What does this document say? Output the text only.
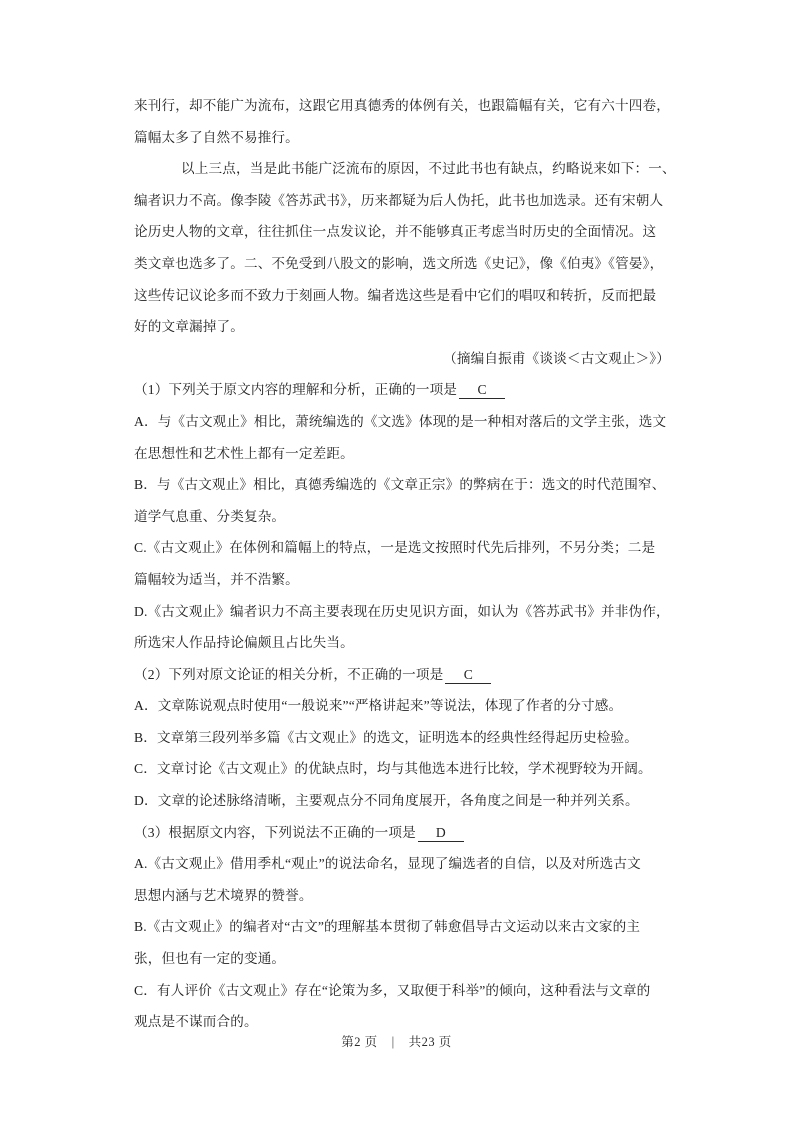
来刊行，却不能广为流布，这跟它用真德秀的体例有关，也跟篇幅有关，它有六十四卷，
篇幅太多了自然不易推行。
以上三点，当是此书能广泛流布的原因，不过此书也有缺点，约略说来如下：一、
编者识力不高。像李陵《答苏武书》，历来都疑为后人伪托，此书也加选录。还有宋朝人
论历史人物的文章，往往抓住一点发议论，并不能够真正考虑当时历史的全面情况。这
类文章也选多了。二、不免受到八股文的影响，选文所选《史记》，像《伯夷》《管晏》，
这些传记议论多而不致力于刻画人物。编者选这些是看中它们的唱叹和转折，反而把最
好的文章漏掉了。
（摘编自振甫《谈谈＜古文观止＞》）
（1）下列关于原文内容的理解和分析，正确的一项是 C
A．与《古文观止》相比，萧统编选的《文选》体现的是一种相对落后的文学主张，选文
在思想性和艺术性上都有一定差距。
B．与《古文观止》相比，真德秀编选的《文章正宗》的弊病在于：选文的时代范围窄、
道学气息重、分类复杂。
C.《古文观止》在体例和篇幅上的特点，一是选文按照时代先后排列，不另分类；二是
篇幅较为适当，并不浩繁。
D.《古文观止》编者识力不高主要表现在历史见识方面，如认为《答苏武书》并非伪作，
所选宋人作品持论偏颇且占比失当。
（2）下列对原文论证的相关分析，不正确的一项是 C
A．文章陈说观点时使用“一般说来”“严格讲起来”等说法，体现了作者的分寸感。
B．文章第三段列举多篇《古文观止》的选文，证明选本的经典性经得起历史检验。
C．文章讨论《古文观止》的优缺点时，均与其他选本进行比较，学术视野较为开阔。
D．文章的论述脉络清晰，主要观点分不同角度展开，各角度之间是一种并列关系。
（3）根据原文内容，下列说法不正确的一项是 D
A.《古文观止》借用季札“观止”的说法命名，显现了编选者的自信，以及对所选古文
思想内涵与艺术境界的赞誉。
B.《古文观止》的编者对“古文”的理解基本贯彻了韩愈倡导古文运动以来古文家的主
张，但也有一定的变通。
C．有人评价《古文观止》存在“论策为多，又取便于科举”的倾向，这种看法与文章的
观点是不谋而合的。
第2 页 | 共23 页
